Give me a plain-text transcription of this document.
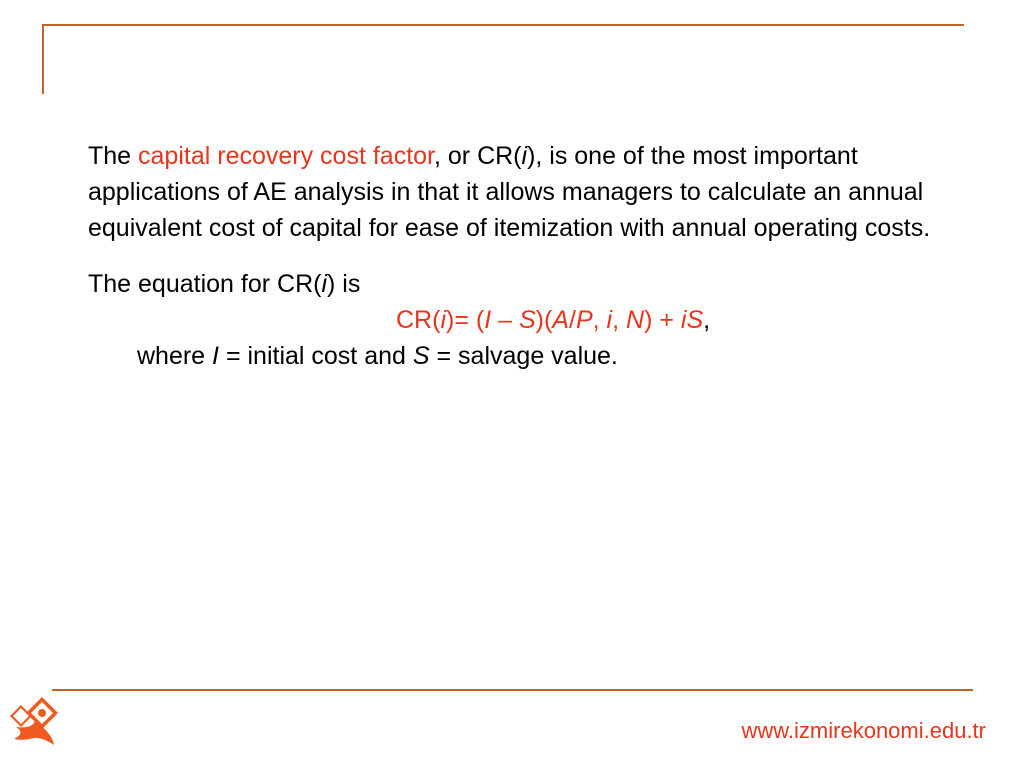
The capital recovery cost factor, or CR(i), is one of the most important applications of AE analysis in that it allows managers to calculate an annual equivalent cost of capital for ease of itemization with annual operating costs.

The equation for CR(i) is
CR(i)= (I – S)(A/P, i, N) + iS,
where I = initial cost and S = salvage value.
www.izmirekonomi.edu.tr
